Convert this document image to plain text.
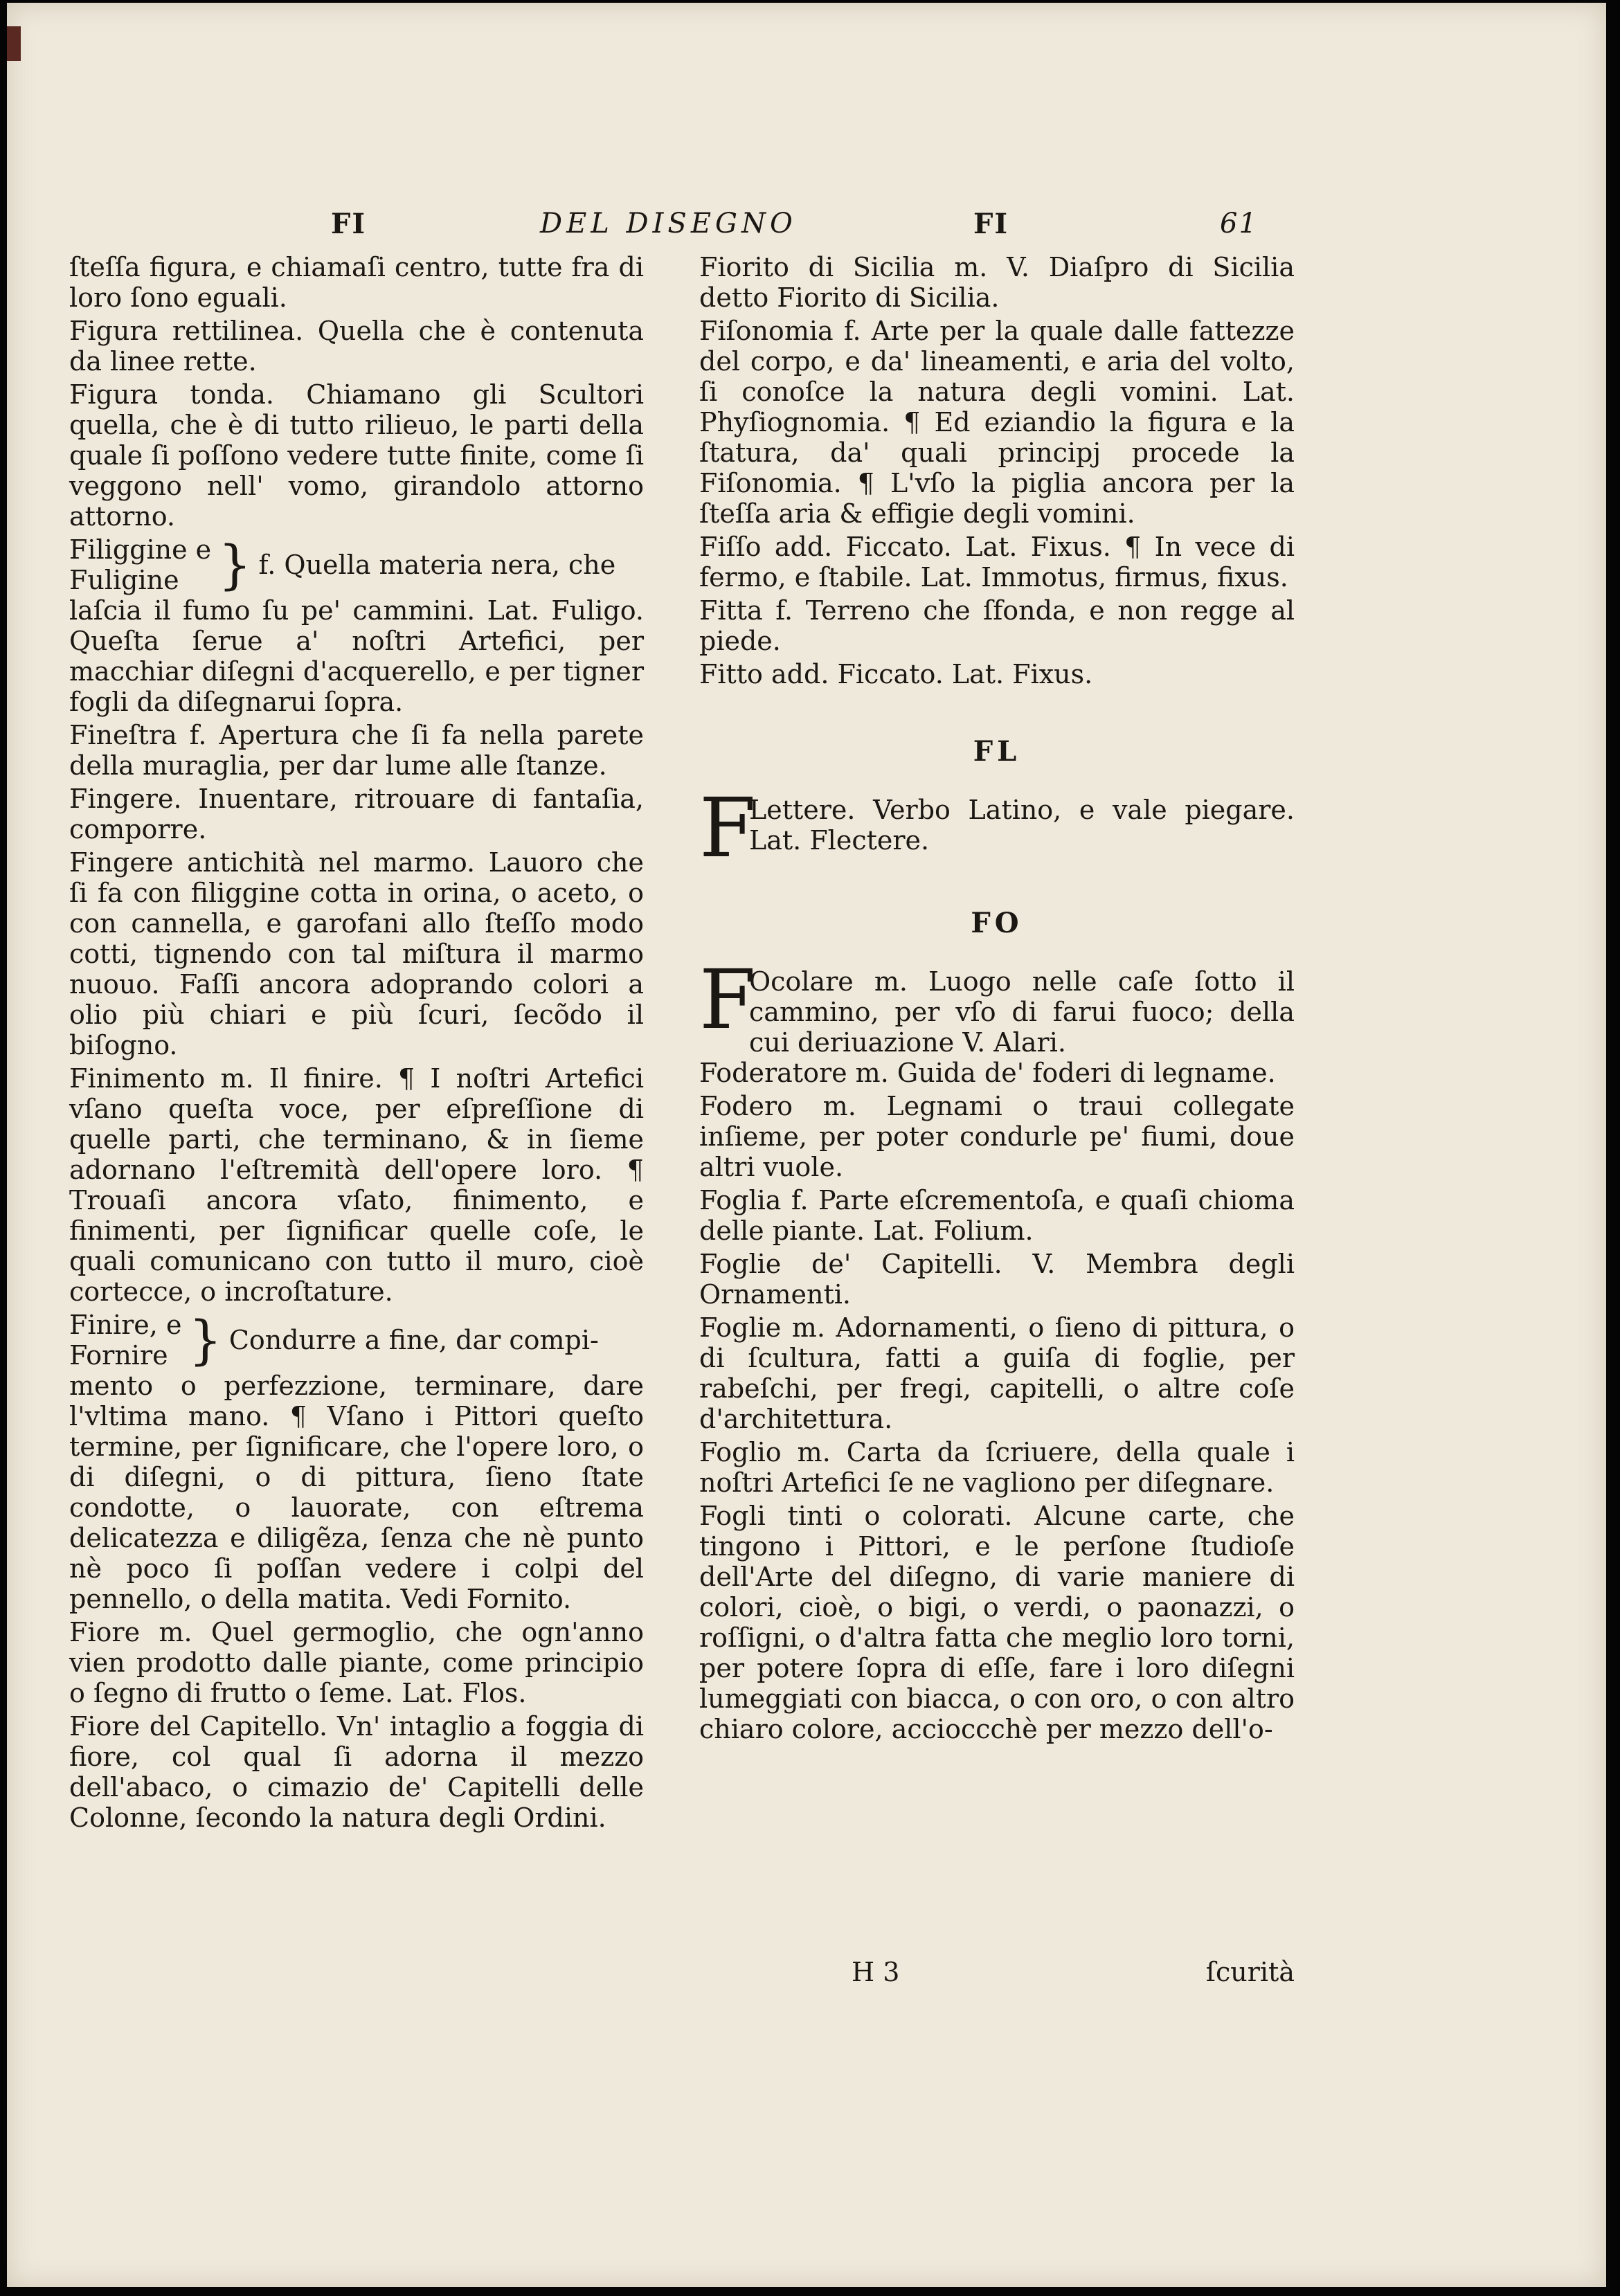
FI	DEL DISEGNO	FI	61

ſteſſa figura, e chiamaſi centro, tutte fra di loro ſono eguali.

Figura rettilinea. Quella che è contenuta da linee rette.

Figura tonda. Chiamano gli Scultori quella, che è di tutto rilieuo, le parti della quale ſi poſſono vedere tutte finite, come ſi veggono nell' vomo, girandolo attorno attorno.

Filiggine e
Fuligine } f. Quella materia nera, che

laſcia il fumo ſu pe' cammini. Lat. Fuligo. Queſta ſerue a' noſtri Artefici, per macchiar diſegni d'acquerello, e per tigner fogli da diſegnarui ſopra.

Fineſtra f. Apertura che ſi fa nella parete della muraglia, per dar lume alle ſtanze.

Fingere. Inuentare, ritrouare di fantaſia, comporre.

Fingere antichità nel marmo. Lauoro che ſi fa con filiggine cotta in orina, o aceto, o con cannella, e garofani allo ſteſſo modo cotti, tignendo con tal miſtura il marmo nuouo. Faſſi ancora adoprando colori a olio più chiari e più ſcuri, ſecõdo il biſogno.

Finimento m. Il finire. ¶ I noſtri Artefici vſano queſta voce, per eſpreſſione di quelle parti, che terminano, & in ſieme adornano l'eſtremità dell'opere loro. ¶ Trouaſi ancora vſato, finimento, e finimenti, per ſignificar quelle coſe, le quali comunicano con tutto il muro, cioè cortecce, o incroſtature.

Finire, e
Fornire } Condurre a fine, dar compi-

mento o perfezzione, terminare, dare l'vltima mano. ¶ Vſano i Pittori queſto termine, per ſignificare, che l'opere loro, o di diſegni, o di pittura, ſieno ſtate condotte, o lauorate, con eſtrema delicatezza e diligẽza, ſenza che nè punto nè poco ſi poſſan vedere i colpi del pennello, o della matita. Vedi Fornito.

Fiore m. Quel germoglio, che ogn'anno vien prodotto dalle piante, come principio o ſegno di frutto o ſeme. Lat. Flos.

Fiore del Capitello. Vn' intaglio a foggia di fiore, col qual ſi adorna il mezzo dell'abaco, o cimazio de' Capitelli delle Colonne, ſecondo la natura degli Ordini.

Fiorito di Sicilia m. V. Diaſpro di Sicilia detto Fiorito di Sicilia.

Fiſonomia f. Arte per la quale dalle fattezze del corpo, e da' lineamenti, e aria del volto, ſi conoſce la natura degli vomini. Lat. Phyſiognomia. ¶ Ed eziandio la figura e la ſtatura, da' quali principj procede la Fiſonomia. ¶ L'vſo la piglia ancora per la ſteſſa aria & effigie degli vomini.

Fiſſo add. Ficcato. Lat. Fixus. ¶ In vece di fermo, e ſtabile. Lat. Immotus, firmus, fixus.

Fitta f. Terreno che ſfonda, e non regge al piede.

Fitto add. Ficcato. Lat. Fixus.

FL
F
Lettere. Verbo Latino, e vale piegare. Lat. Flectere.
FO
F
Ocolare m. Luogo nelle caſe ſotto il cammino, per vſo di farui fuoco; della cui deriuazione V. Alari.

Foderatore m. Guida de' foderi di legname.

Fodero m. Legnami o traui collegate inſieme, per poter condurle pe' fiumi, doue altri vuole.

Foglia f. Parte eſcrementoſa, e quaſi chioma delle piante. Lat. Folium.

Foglie de' Capitelli. V. Membra degli Ornamenti.

Foglie m. Adornamenti, o ſieno di pittura, o di ſcultura, fatti a guiſa di foglie, per rabeſchi, per fregi, capitelli, o altre coſe d'architettura.

Foglio m. Carta da ſcriuere, della quale i noſtri Artefici ſe ne vagliono per diſegnare.

Fogli tinti o colorati. Alcune carte, che tingono i Pittori, e le perſone ſtudioſe dell'Arte del diſegno, di varie maniere di colori, cioè, o bigi, o verdi, o paonazzi, o roſſigni, o d'altra fatta che meglio loro torni, per potere ſopra di eſſe, fare i loro diſegni lumeggiati con biacca, o con oro, o con altro chiaro colore, accioccchè per mezzo dell'o-

H 3	ſcurità
